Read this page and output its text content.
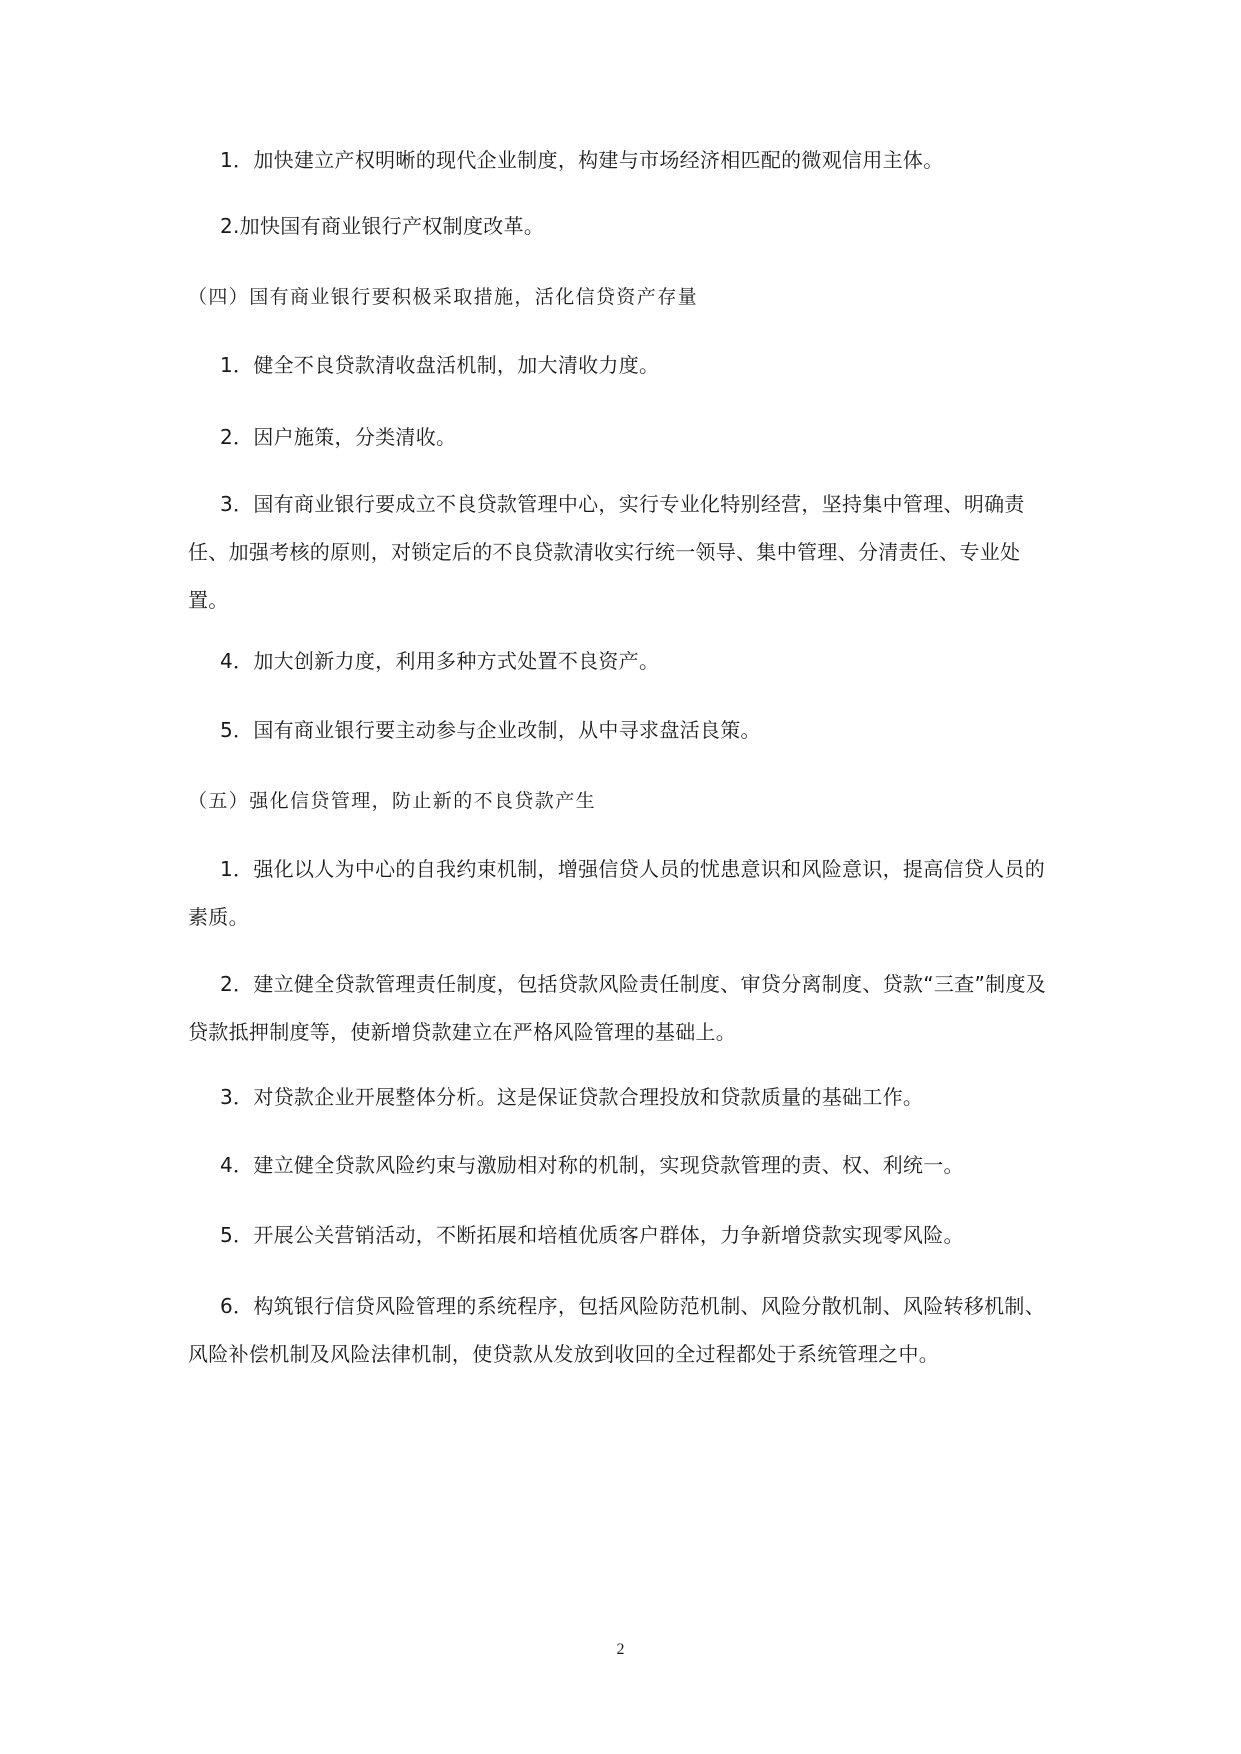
1．加快建立产权明晰的现代企业制度，构建与市场经济相匹配的微观信用主体。

2.加快国有商业银行产权制度改革。

（四）国有商业银行要积极采取措施，活化信贷资产存量

1．健全不良贷款清收盘活机制，加大清收力度。

2．因户施策，分类清收。

3．国有商业银行要成立不良贷款管理中心，实行专业化特别经营，坚持集中管理、明确责任、加强考核的原则，对锁定后的不良贷款清收实行统一领导、集中管理、分清责任、专业处置。

4．加大创新力度，利用多种方式处置不良资产。

5．国有商业银行要主动参与企业改制，从中寻求盘活良策。

（五）强化信贷管理，防止新的不良贷款产生

1．强化以人为中心的自我约束机制，增强信贷人员的忧患意识和风险意识，提高信贷人员的素质。

2．建立健全贷款管理责任制度，包括贷款风险责任制度、审贷分离制度、贷款“三查”制度及贷款抵押制度等，使新增贷款建立在严格风险管理的基础上。

3．对贷款企业开展整体分析。这是保证贷款合理投放和贷款质量的基础工作。

4．建立健全贷款风险约束与激励相对称的机制，实现贷款管理的责、权、利统一。

5．开展公关营销活动，不断拓展和培植优质客户群体，力争新增贷款实现零风险。

6．构筑银行信贷风险管理的系统程序，包括风险防范机制、风险分散机制、风险转移机制、风险补偿机制及风险法律机制，使贷款从发放到收回的全过程都处于系统管理之中。

2
